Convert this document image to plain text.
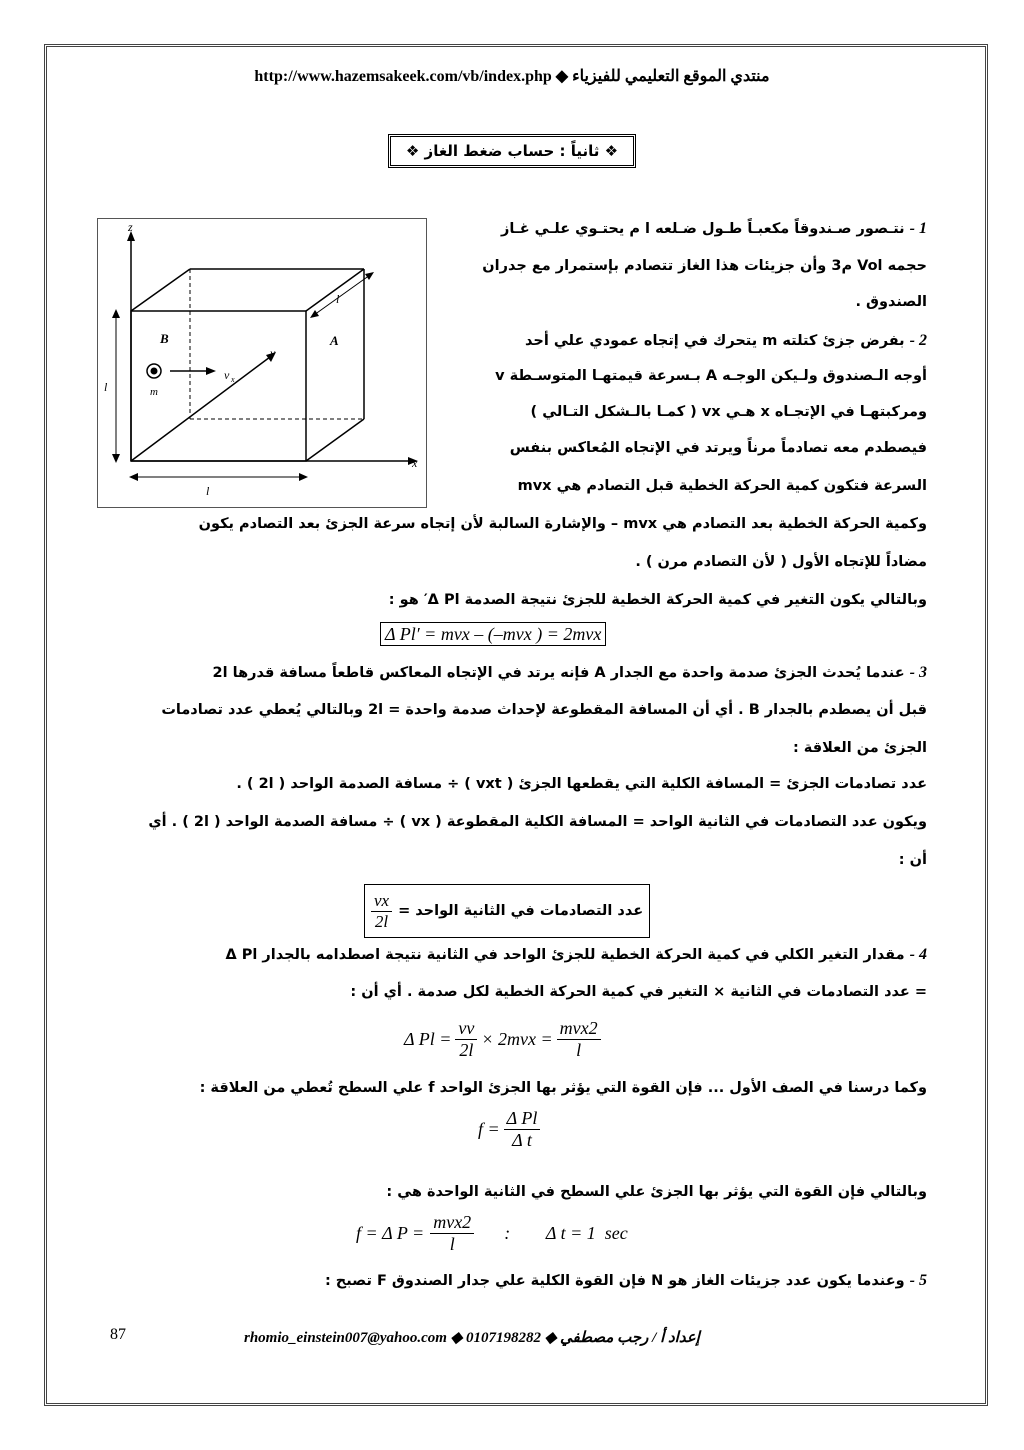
http://www.hazemsakeek.com/vb/index.php ◆ منتدي الموقع التعليمي للفيزياء
❖ ثانياً : حساب ضغط الغاز ❖
z
x
y
l
l
l
A
B
m
v x
1 - نتـصور صـندوقاً مكعبـاً طـول ضـلعه l م يحتـوي علـي غـاز
حجمه Vol م3 وأن جزيئات هذا الغاز تتصادم بإستمرار مع جدران
الصندوق .
2 - بفرض جزئ كتلته m يتحرك في إتجاه عمودي علي أحد
أوجه الـصندوق ولـيكن الوجـه A بـسرعة قيمتهـا المتوسـطة v
ومركبتهـا في الإتجـاه x هـي vx ( كمـا بالـشكل التـالي )
فيصطدم معه تصادماً مرناً ويرتد في الإتجاه المُعاكس بنفس
السرعة فتكون كمية الحركة الخطية قبل التصادم هي mvx
وكمية الحركة الخطية بعد التصادم هي mvx – والإشارة السالبة لأن إتجاه سرعة الجزئ بعد التصادم يكون
مضاداً للإتجاه الأول ( لأن التصادم مرن ) .
وبالتالي يكون التغير في كمية الحركة الخطية للجزئ نتيجة الصدمة Δ Pl′ هو :
Δ Pl′ = mvx – (–mvx ) = 2mvx
3 - عندما يُحدث الجزئ صدمة واحدة مع الجدار A فإنه يرتد في الإتجاه المعاكس قاطعاً مسافة قدرها 2l
قبل أن يصطدم بالجدار B . أي أن المسافة المقطوعة لإحداث صدمة واحدة = 2l وبالتالي يُعطي عدد تصادمات
الجزئ من العلاقة :
عدد تصادمات الجزئ = المسافة الكلية التي يقطعها الجزئ ( vxt ) ÷ مسافة الصدمة الواحد ( 2l ) .
ويكون عدد التصادمات في الثانية الواحد = المسافة الكلية المقطوعة ( vx ) ÷ مسافة الصدمة الواحد ( 2l ) . أي
أن :
عدد التصادمات في الثانية الواحد =
$\frac{vx}{2l}$
4 - مقدار التغير الكلي في كمية الحركة الخطية للجزئ الواحد في الثانية نتيجة اصطدامه بالجدار Δ Pl
= عدد التصادمات في الثانية × التغير في كمية الحركة الخطية لكل صدمة . أي أن :
Δ $Pl = \frac{vv}{2l} \times 2mvx = \frac{\text{mvx2}}{l}$
وكما درسنا في الصف الأول ... فإن القوة التي يؤثر بها الجزئ الواحد f علي السطح تُعطي من العلاقة :
$f = \frac{\text{Δ Pl}}{\text{Δ t}}$
وبالتالي فإن القوة التي يؤثر بها الجزئ علي السطح في الثانية الواحدة هي :
f = Δ $P = \frac{\text{mvx2}}{l}$ :        Δ t = 1  sec
5 - وعندما يكون عدد جزيئات الغاز هو N فإن القوة الكلية علي جدار الصندوق F تصبح :
87	rhomio_einstein007@yahoo.com ◆ 0107198282 ◆ إعداد أ / رجب مصطفي
